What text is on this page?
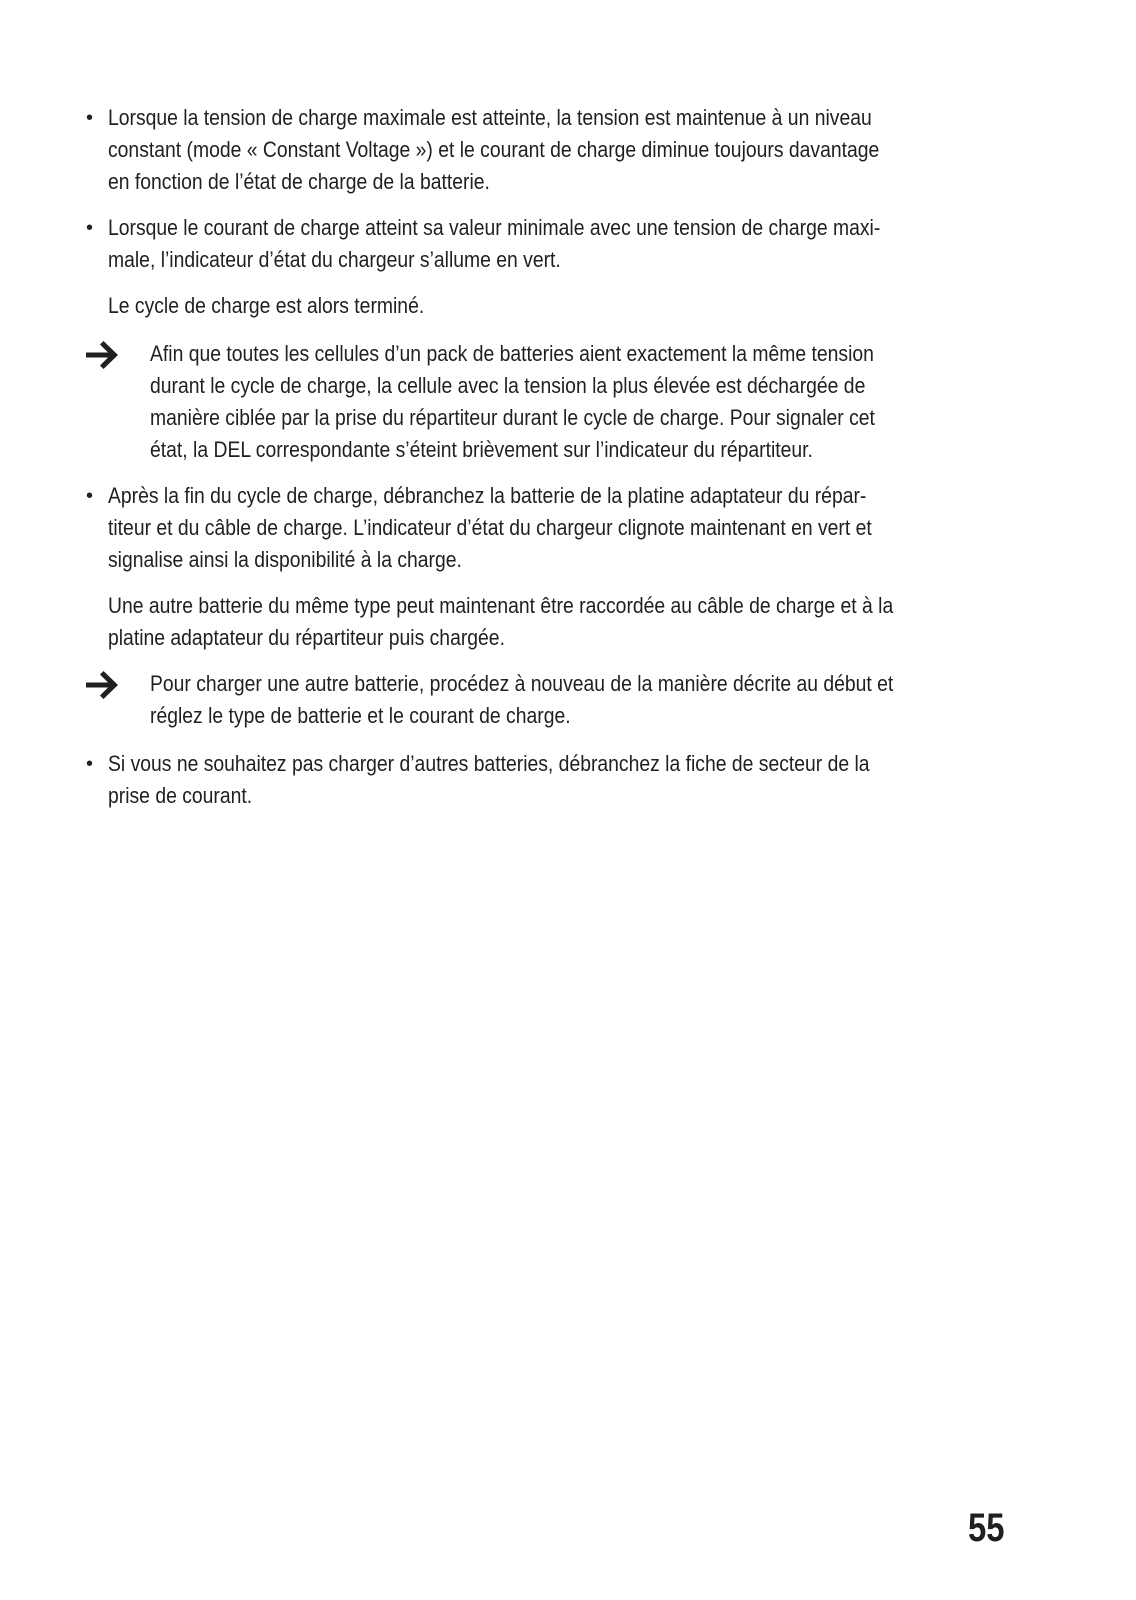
• Lorsque la tension de charge maximale est atteinte, la tension est maintenue à un niveau
constant (mode « Constant Voltage ») et le courant de charge diminue toujours davantage
en fonction de l’état de charge de la batterie.
• Lorsque le courant de charge atteint sa valeur minimale avec une tension de charge maxi-
male, l’indicateur d’état du chargeur s’allume en vert.
Le cycle de charge est alors terminé.
Afin que toutes les cellules d’un pack de batteries aient exactement la même tension
durant le cycle de charge, la cellule avec la tension la plus élevée est déchargée de
manière ciblée par la prise du répartiteur durant le cycle de charge. Pour signaler cet
état, la DEL correspondante s’éteint brièvement sur l’indicateur du répartiteur.
• Après la fin du cycle de charge, débranchez la batterie de la platine adaptateur du répar-
titeur et du câble de charge. L’indicateur d’état du chargeur clignote maintenant en vert et
signalise ainsi la disponibilité à la charge.
Une autre batterie du même type peut maintenant être raccordée au câble de charge et à la
platine adaptateur du répartiteur puis chargée.
Pour charger une autre batterie, procédez à nouveau de la manière décrite au début et
réglez le type de batterie et le courant de charge.
• Si vous ne souhaitez pas charger d’autres batteries, débranchez la fiche de secteur de la
prise de courant.
55
